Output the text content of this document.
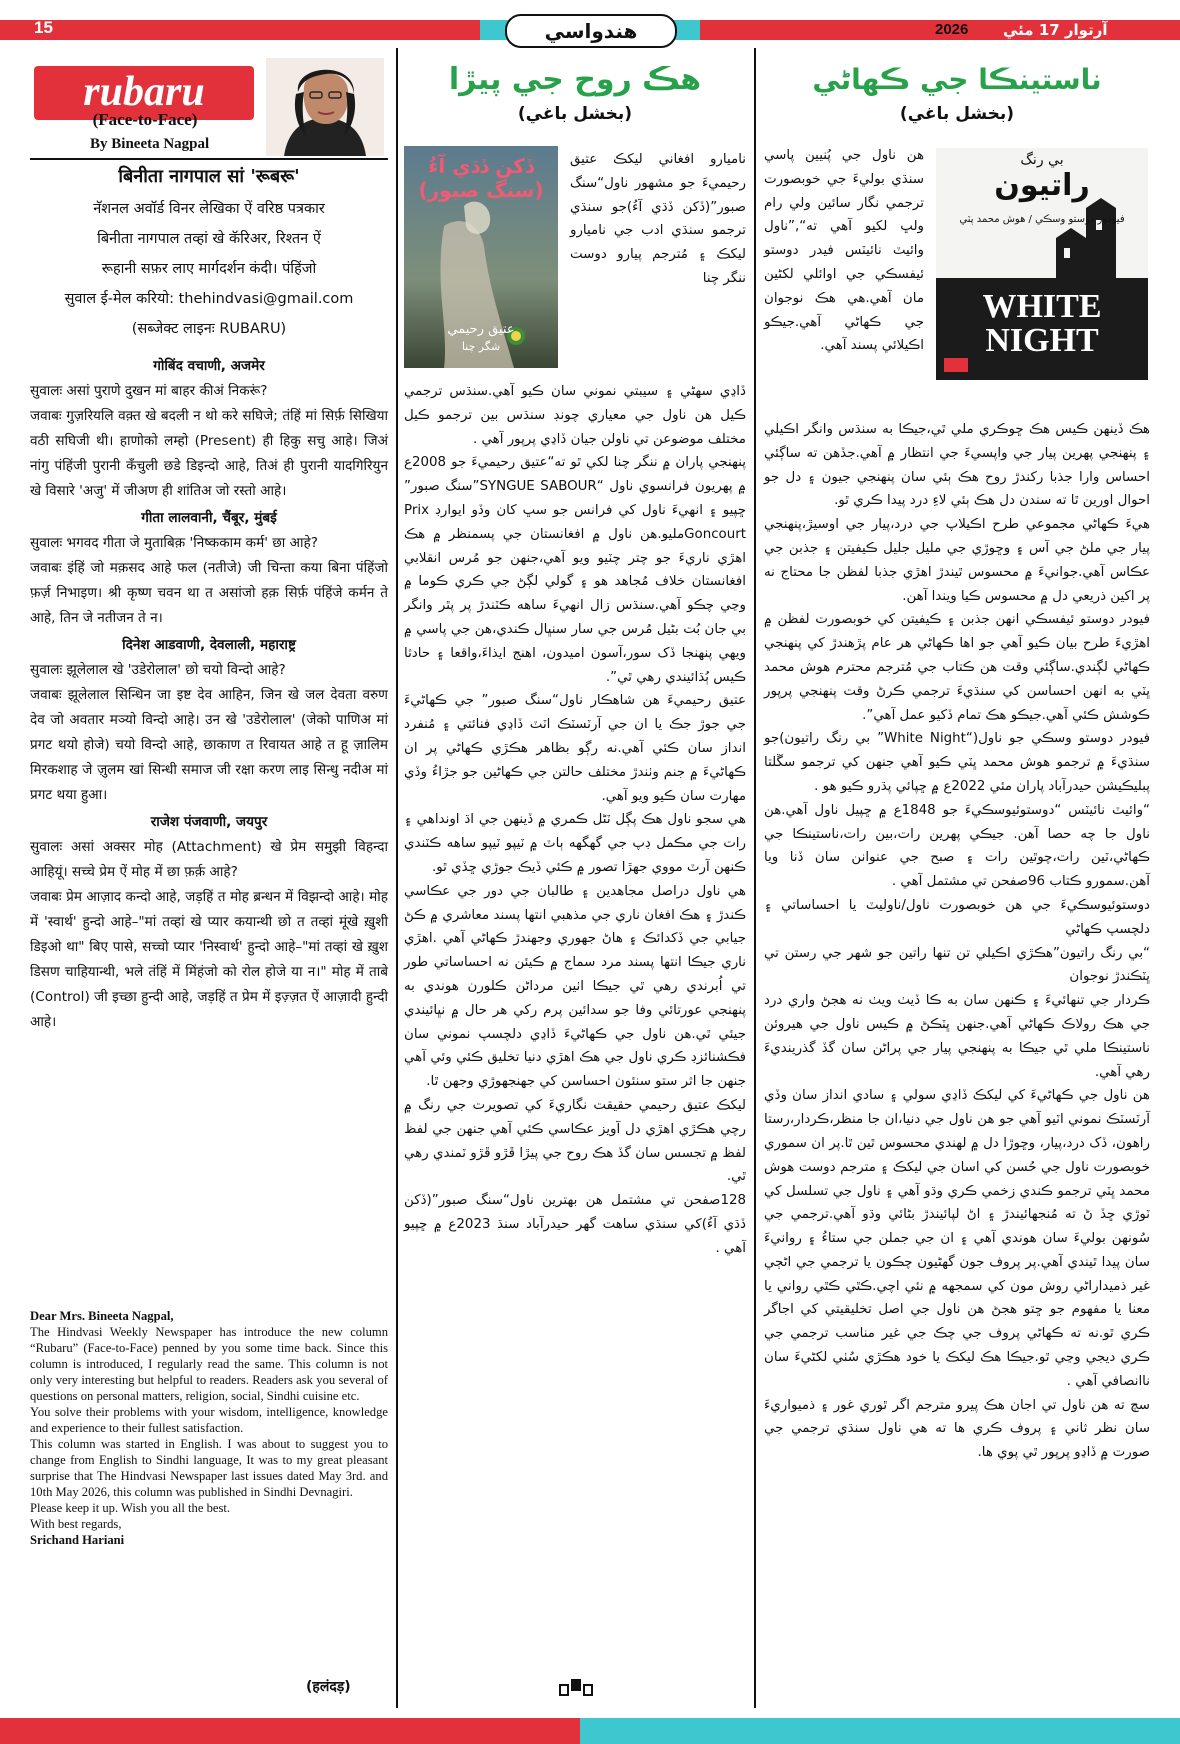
15	هندواسي	2026 آرتوار 17 مئي
rubaru
(Face-to-Face)
By Bineeta Nagpal
बिनीता नागपाल सां 'रूबरू'
नॅशनल अवॉर्ड विनर लेखिका ऐं वरिष्ठ पत्रकार
बिनीता नागपाल तव्हां खे कॅरिअर, रिश्तन ऐं
रूहानी सफ़र लाए मार्गदर्शन कंदी। पंहिंजो
सुवाल ई-मेल करियो: thehindvasi@gmail.com
(सब्जेक्ट लाइनः RUBARU)

गोबिंद वचाणी, अजमेर

सुवालः असां पुराणे दुखन मां बाहर कीअं निकरूं?

जवाबः गुज़रियलि वक़्त खे बदली न थो करे सघिजे; तंहिं मां सिर्फ़ सिखिया वठी सघिजी थी। हाणोको लम्हो (Present) ही हिकु सचु आहे। जिअं नांगु पंहिंजी पुरानी कॅंचुली छडे डिइन्दो आहे, तिअं ही पुरानी यादगिरियुन खे विसारे 'अजु' में जीअण ही शांतिअ जो रस्तो आहे।

गीता लालवानी, चैंबूर, मुंबई

सुवालः भगवद गीता जे मुताबिक़ 'निष्ककाम कर्म' छा आहे?

जवाबः इंहिं जो मक़सद आहे फल (नतीजे) जी चिन्ता कया बिना पंहिंजो फ़र्ज़ निभाइण। श्री कृष्ण चवन था त असांजो हक़ सिर्फ़ पंहिंजे कर्मन ते आहे, तिन जे नतीजन ते न।

दिनेश आडवाणी, देवलाली, महाराष्ट्र

सुवालः झूलेलाल खे 'उडेरोलाल' छो चयो विन्दो आहे?

जवाबः झूलेलाल सिन्धिन जा इष्ट देव आहिन, जिन खे जल देवता वरुण देव जो अवतार मञ्यो विन्दो आहे। उन खे 'उडेरोलाल' (जेको पाणिअ मां प्रगट थयो होजे) चयो विन्दो आहे, छाकाण त रिवायत आहे त हू ज़ालिम मिरकशाह जे ज़ुलम खां सिन्धी समाज जी रक्षा करण लाइ सिन्धु नदीअ मां प्रगट थया हुआ।

राजेश पंजवाणी, जयपुर

सुवालः असां अक्सर मोह (Attachment) खे प्रेम समुझी विहन्दा आहियूं। सच्चे प्रेम ऐं मोह में छा फ़र्क़ आहे?

जवाबः प्रेम आज़ाद कन्दो आहे, जड़हिं त मोह ब्रन्धन में विझन्दो आहे। मोह में 'स्वार्थ' हुन्दो आहे–"मां तव्हां खे प्यार कयान्थी छो त तव्हां मूंखे ख़ुशी डिइओ था" बिए पासे, सच्चो प्यार 'निस्वार्थ' हुन्दो आहे–"मां तव्हां खे ख़ुश डिसण चाहियान्थी, भले तंहिं में मिंहंजो को रोल होजे या न।" मोह में ताबे (Control) जी इच्छा हुन्दी आहे, जड़हिं त प्रेम में इज़्ज़त ऐं आज़ादी हुन्दी आहे।

Dear Mrs. Bineeta Nagpal,

The Hindvasi Weekly Newspaper has introduce the new column “Rubaru” (Face-to-Face) penned by you some time back. Since this column is introduced, I regularly read the same. This column is not only very interesting but helpful to readers. Readers ask you several of questions on personal matters, religion, social, Sindhi cuisine etc.

You solve their problems with your wisdom, intelligence, knowledge and experience to their fullest satisfaction.

This column was started in English. I was about to suggest you to change from English to Sindhi language, It was to my great pleasant surprise that The Hindvasi Newspaper last issues dated May 3rd. and 10th May 2026, this column was published in Sindhi Devnagiri.

Please keep it up. Wish you all the best.

With best regards,

Srichand Hariani

(हलंदड़)
هڪ روح جي پيڙا
(بخشل باغي)
ڏکن ڏڌي آءُ (سنگ صبور)
عتيق رحيمي
شگر چنا
ناميارو افغاني ليکڪ عتيق رحيميءَ جو مشهور ناول“سنگ صبور”(ڏکن ڏڌي آءُ)جو سنڌي ترجمو سنڌي ادب جي ناميارو ليکڪ ۽ مُترجم پيارو دوست ننگر چنا

ڏاڍي سهڻي ۽ سيبتي نموني سان ڪيو آهي.سنڌس ترجمي ڪيل هن ناول جي معياري چونڊ سنڌس بين ترجمو ڪيل مختلف موضوعن تي ناولن جيان ڏاڍي پرپور آهي .

پنهنجي پاران ۾ ننگر چنا لکي ٿو ته“عتيق رحيميءَ جو 2008ع ۾ پهريون فرانسوي ناول “SYNGUE SABOUR”سنگ صبور” ڇپيو ۽ انهيءَ ناول کي فرانس جو سڀ کان وڏو ايوارڊ Prix Goncourtمليو.هن ناول ۾ افغانستان جي پسمنظر ۾ هڪ اهڙي ناريءَ جو چتر چٽيو ويو آهي،جنهن جو مُرس انقلابي افغانستان خلاف مُجاهد هو ۽ گولي لڳڻ جي ڪري ڪوما ۾ وڃي چڪو آهي.سنڌس زال انهيءَ ساهه ڪٽندڙ پر پٿر وانگر بي جان بُت بڻيل مُرس جي سار سنڀال ڪندي،هن جي پاسي ۾ ويهي پنهنجا ڏک سور،آسون اميدون، اهنج ايذاءَ،واقعا ۽ حادثا ڪيس ٻُڌائيندي رهي ٿي”.

عتيق رحيميءَ هن شاهڪار ناول“سنگ صبور” جي ڪهاڻيءَ جي جوڙ جڪ يا ان جي آرٽسٽڪ اٽٽ ڏاڍي فنائتي ۽ مُنفرد انداز سان ڪئي آهي.نه رڳو بظاهر هڪڙي ڪهاڻي پر ان ڪهاڻيءَ ۾ جنم وٺندڙ مختلف حالتن جي ڪهاڻين جو جڙاءُ وڏي مهارت سان ڪيو ويو آهي.

هي سجو ناول هڪ پڳل ٽڻل ڪمري ۾ ڏينهن جي اڌ اونداهي ۽ رات جي مڪمل ڊپ جي گهگهه ٻاٽ ۾ ٽيپو ٽيپو ساهه ڪٽندي ڪنهن آرٽ مووي جهڙا تصور ۾ ڪئي ڏيڪ جوڙي ڇڏي ٿو.

هي ناول دراصل مجاهدين ۽ طالبان جي دور جي عڪاسي ڪندڙ ۽ هڪ افغان ناري جي مذهبي انتها پسند معاشري ۾ ڪڻ جيابي جي ڏکدائڪ ۽ هاڻ جهوري وجهندڙ ڪهاڻي آهي .اهڙي ناري جيڪا انتها پسند مرد سماج ۾ ڪيئن نه احساساتي طور تي اُبرندي رهي ٿي جيڪا اٺين مرداڻن ڪلورن هوندي به پنهنجي عورتائي وفا جو سدائين پرم رکي هر حال ۾ نڀائيندي جيئي ٿي.هن ناول جي ڪهاڻيءَ ڏاڍي دلچسپ نموني سان فڪشنائزڊ ڪري ناول جي هڪ اهڙي دنيا تخليق ڪئي وئي آهي جنهن جا اثر ستو سنئون احساسن کي جهنجهوڙي وجهن ٿا.

ليکڪ عتيق رحيمي حقيقت نگاريءَ کي تصويرت جي رنگ ۾ رچي هڪڙي اهڙي دل آويز عڪاسي ڪئي آهي جنهن جي لفظ لفظ ۾ تجسس سان گڏ هڪ روح جي پيڙا ڦڙو ڦڙو ٽمندي رهي ٿي.

128صفحن تي مشتمل هن بهترين ناول“سنگ صبور”(ڏکن ڏڌي آءُ)کي سنڌي ساهت گهر حيدرآباد سنڌ 2023ع ۾ ڇپيو آهي .

ناستينڪا جي ڪهاڻي
(بخشل باغي)
بي رنگ
راتيون
فيودور دوستو وسڪي / هوش محمد پٽي
WHITE
NIGHT
هن ناول جي پُنيين پاسي سنڌي بوليءَ جي خوبصورت ترجمي نگار سائين ولي رام ولڀ لکيو آهي ته“,”ناول وائيٽ نائيٽس فيدر دوستو ئيفسڪي جي اوائلي لکڻين مان آهي.هي هڪ نوجوان جي ڪهاڻي آهي.جيڪو اڪيلائي پسند آهي.

هڪ ڏينهن ڪيس هڪ ڇوڪري ملي ٿي،جيڪا به سنڌس وانگر اڪيلي ۽ پنهنجي پهرين پيار جي واپسيءَ جي انتظار ۾ آهي.جڏهن ته ساڳئي احساس وارا جذبا رکندڙ روح هڪ ٻئي سان پنهنجي جيون ۽ دل جو احوال اورين ٿا ته سندن دل هڪ ٻئي لاءِ درد پيدا ڪري ٿو.

هيءَ ڪهاڻي مجموعي طرح اڪيلاپ جي درد،پيار جي اوسيڙ،پنهنجي پيار جي ملڻ جي آس ۽ وڇوڙي جي مليل جليل ڪيفيتن ۽ جذبن جي عڪاس آهي.جوانيءَ ۾ محسوس ٿيندڙ اهڙي جذبا لفظن جا محتاج نه پر اکين ذريعي دل ۾ محسوس ڪيا ويندا آهن.

فيودر دوستو ئيفسڪي انهن جذبن ۽ ڪيفيتن کي خوبصورت لفظن ۾ اهڙيءَ طرح بيان ڪيو آهي جو اها ڪهاڻي هر عام پڙهندڙ کي پنهنجي ڪهاڻي لڳندي.ساڳئي وقت هن ڪتاب جي مُترجم محترم هوش محمد ڀٽي به انهن احساسن کي سنڌيءَ ترجمي ڪرڻ وقت پنهنجي پرپور ڪوشش ڪئي آهي.جيڪو هڪ تمام ڏکيو عمل آهي”.

فيودر دوستو وسڪي جو ناول(“White Night” بي رنگ راتيون)جو سنڌيءَ ۾ ترجمو هوش محمد ڀٽي ڪيو آهي جنهن کي ترجمو سڱلتا پبليڪيشن حيدرآباد پاران مئي 2022ع ۾ ڇپائي پڌرو ڪيو هو .

“وائيٽ نائيٽس “دوستوئيوسڪيءَ جو 1848ع ۾ ڇپيل ناول آهي.هن ناول جا چه حصا آهن. جيڪي پهرين رات،بين رات،ناستينڪا جي ڪهاڻي،ٽين رات،چوٿين رات ۽ صبح جي عنوانن سان ڏنا ويا آهن.سمورو ڪتاب 96صفحن تي مشتمل آهي .

دوستوئيوسڪيءَ جي هن خوبصورت ناول/ناوليٽ يا احساساتي ۽ دلچسپ ڪهاڻي

“بي رنگ راتيون”هڪڙي اڪيلي تن تنها راتين جو شهر جي رستن تي ڀٽڪندڙ نوجوان

ڪردار جي تنهائيءَ ۽ ڪنهن سان به ڪا ڏيٺ ويٺ نه هجڻ واري درد جي هڪ رولاڪ ڪهاڻي آهي.جنهن ڀٽڪڻ ۾ ڪيس ناول جي هيروئن ناستينڪا ملي ٿي جيڪا به پنهنجي پيار جي پراڻن سان گڏ گذرينديءَ رهي آهي.

هن ناول جي ڪهاڻيءَ کي ليکڪ ڏاڍي سولي ۽ سادي انداز سان وڏي آرٽسٽڪ نموني اٽيو آهي جو هن ناول جي دنيا،ان جا منظر،ڪردار،رستا راهون، ڏک درد،پيار، وڇوڙا دل ۾ لهندي محسوس ٿين ٿا.پر ان سموري خوبصورت ناول جي حُسن کي اسان جي ليکڪ ۽ مترجم دوست هوش محمد ڀٽي ترجمو ڪندي زخمي ڪري وڌو آهي ۽ ناول جي تسلسل کي ٽوڙي ڇڏ ڻ ته مُنجهائيندڙ ۽ اڻ لپائيندڙ بڻائي وڌو آهي.ترجمي جي سُونهن بوليءَ سان هوندي آهي ۽ ان جي جملن جي ستاءُ ۽ روانيءَ سان پيدا ٿيندي آهي.پر پروف جون گهڻيون چڪون يا ترجمي جي اڻڄي غير ذميداراڻي روش مون کي سمجهه ۾ نئي اچي.ڪٿي ڪٿي رواني يا معنا يا مفهوم جو ڇتو هجڻ هن ناول جي اصل تخليقيتي کي اجاگر ڪري ٿو.نه ته ڪهاڻي پروف جي چڪ جي غير مناسب ترجمي جي ڪري ديجي وڃي ٿو.جيڪا هڪ ليکڪ يا خود هڪڙي سُٺي لکڻيءَ سان ناانصافي آهي .

سچ ته هن ناول تي اجان هڪ پيرو مترجم اگر ٿوري غور ۽ ذميواريءَ سان نظر ثاني ۽ پروف ڪري ها ته هي ناول سنڌي ترجمي جي صورت ۾ ڏاڍو پرپور ٿي پوي ها.
